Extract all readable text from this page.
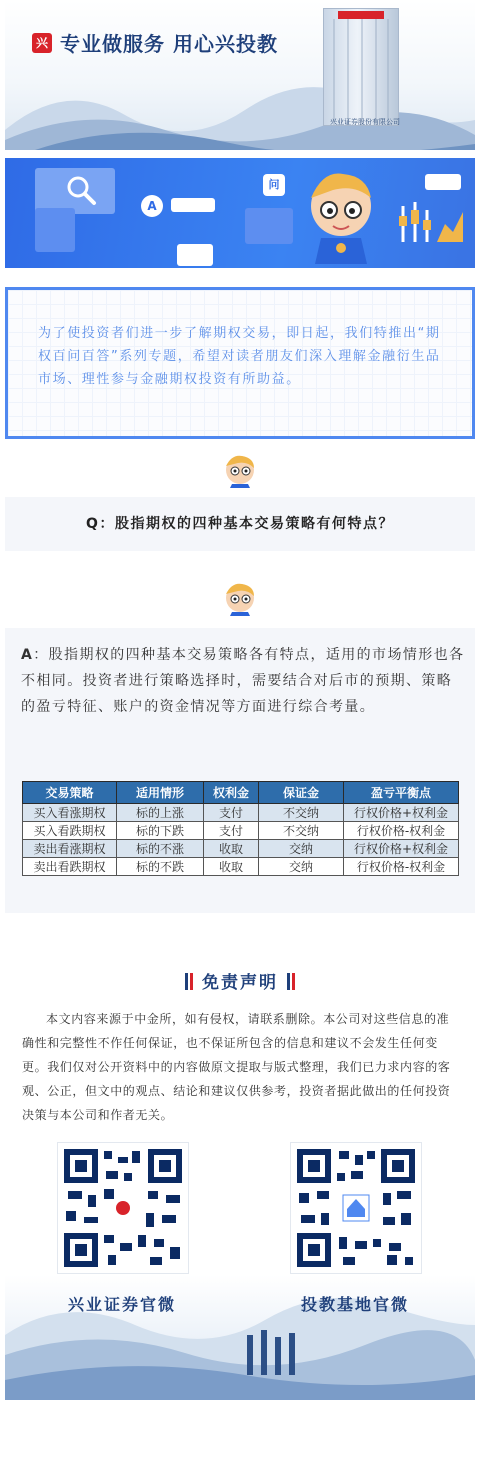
兴 专业做服务 用心兴投教
兴业证券股份有限公司
A
问

为了使投资者们进一步了解期权交易，即日起，我们特推出“期权百问百答”系列专题，希望对读者朋友们深入理解金融衍生品市场、理性参与金融期权投资有所助益。

Q：股指期权的四种基本交易策略有何特点？
A：股指期权的四种基本交易策略各有特点，适用的市场情形也各不相同。投资者进行策略选择时，需要结合对后市的预期、策略的盈亏特征、账户的资金情况等方面进行综合考量。
交易策略	适用情形	权利金	保证金	盈亏平衡点
买入看涨期权	标的上涨	支付	不交纳	行权价格+权利金
买入看跌期权	标的下跌	支付	不交纳	行权价格-权利金
卖出看涨期权	标的不涨	收取	交纳	行权价格+权利金
卖出看跌期权	标的不跌	收取	交纳	行权价格-权利金
免责声明
本文内容来源于中金所，如有侵权，请联系删除。本公司对这些信息的准确性和完整性不作任何保证，也不保证所包含的信息和建议不会发生任何变更。我们仅对公开资料中的内容做原文提取与版式整理，我们已力求内容的客观、公正，但文中的观点、结论和建议仅供参考，投资者据此做出的任何投资决策与本公司和作者无关。
兴业证券官微	投教基地官微
